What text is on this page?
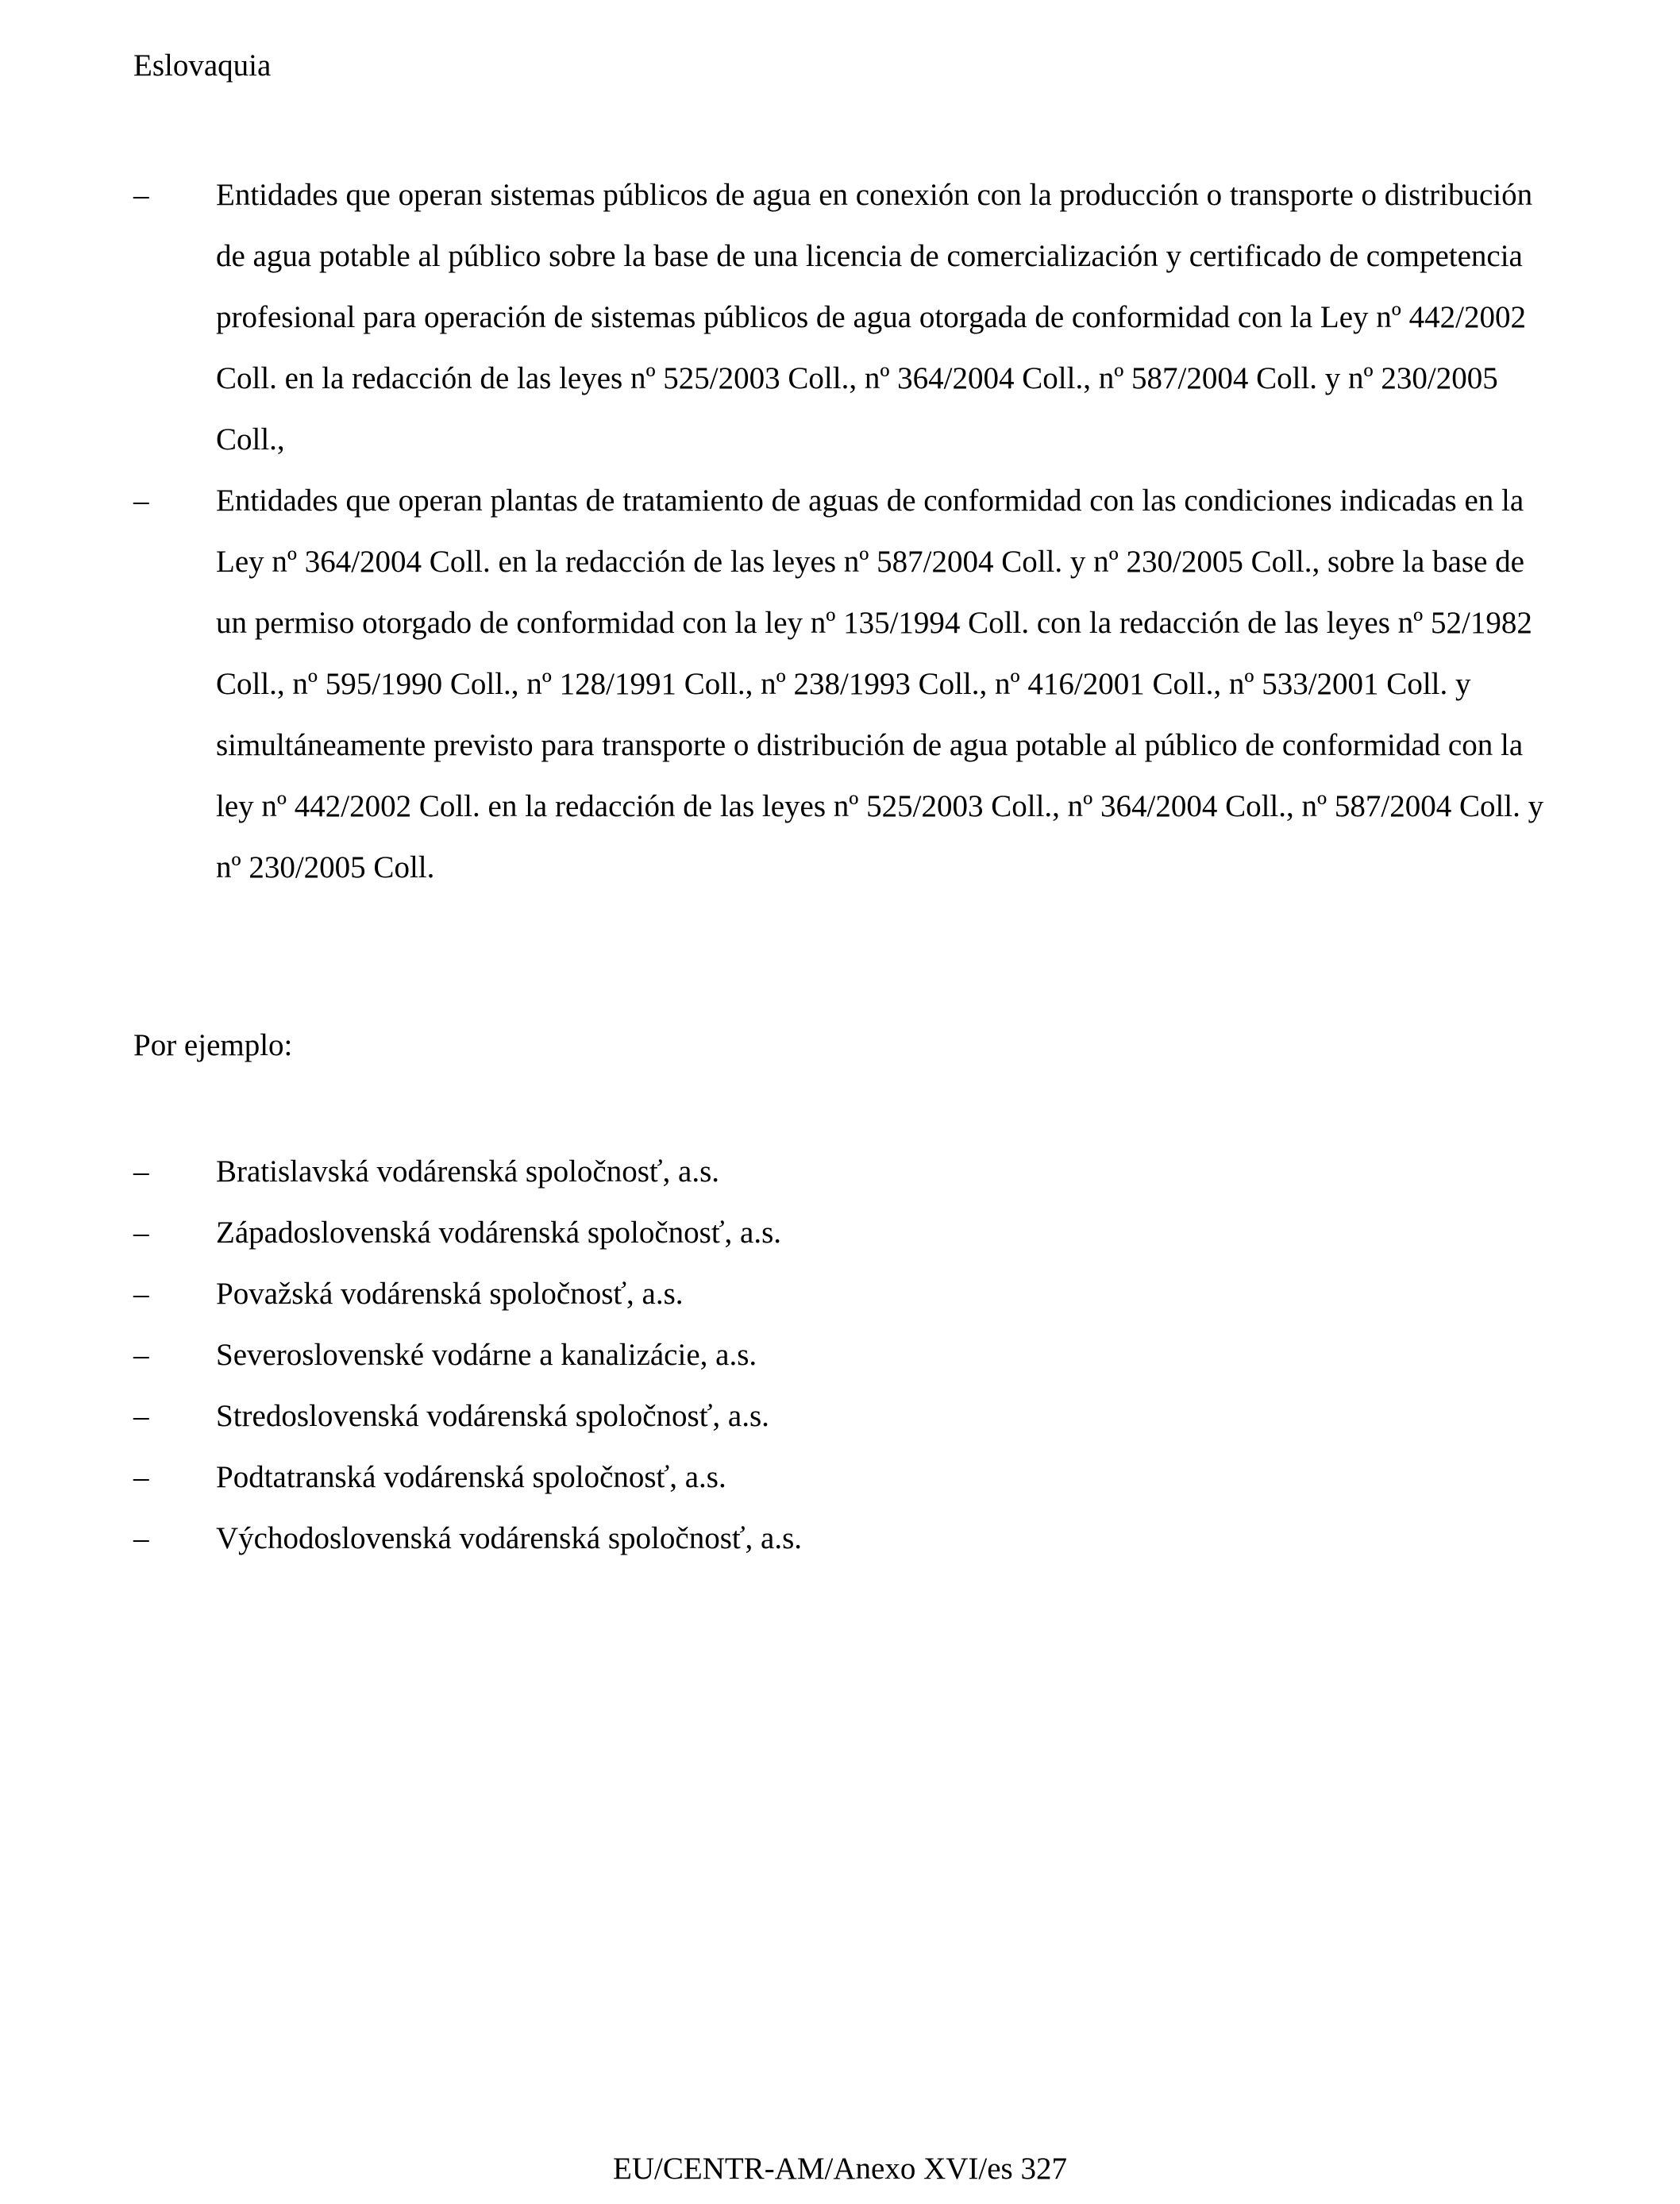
Eslovaquia
– Entidades que operan sistemas públicos de agua en conexión con la producción o transporte o distribución de agua potable al público sobre la base de una licencia de comercialización y certificado de competencia profesional para operación de sistemas públicos de agua otorgada de conformidad con la Ley nº 442/2002 Coll. en la redacción de las leyes nº 525/2003 Coll., nº 364/2004 Coll., nº 587/2004 Coll. y nº 230/2005 Coll.,
– Entidades que operan plantas de tratamiento de aguas de conformidad con las condiciones indicadas en la Ley nº 364/2004 Coll. en la redacción de las leyes nº 587/2004 Coll. y nº 230/2005 Coll., sobre la base de un permiso otorgado de conformidad con la ley nº 135/1994 Coll. con la redacción de las leyes nº 52/1982 Coll., nº 595/1990 Coll., nº 128/1991 Coll., nº 238/1993 Coll., nº 416/2001 Coll., nº 533/2001 Coll. y simultáneamente previsto para transporte o distribución de agua potable al público de conformidad con la ley nº 442/2002 Coll. en la redacción de las leyes nº 525/2003 Coll., nº 364/2004 Coll., nº 587/2004 Coll. y nº 230/2005 Coll.

Por ejemplo:

– Bratislavská vodárenská spoločnosť, a.s.
– Západoslovenská vodárenská spoločnosť, a.s.
– Považská vodárenská spoločnosť, a.s.
– Severoslovenské vodárne a kanalizácie, a.s.
– Stredoslovenská vodárenská spoločnosť, a.s.
– Podtatranská vodárenská spoločnosť, a.s.
– Východoslovenská vodárenská spoločnosť, a.s.

EU/CENTR-AM/Anexo XVI/es 327
